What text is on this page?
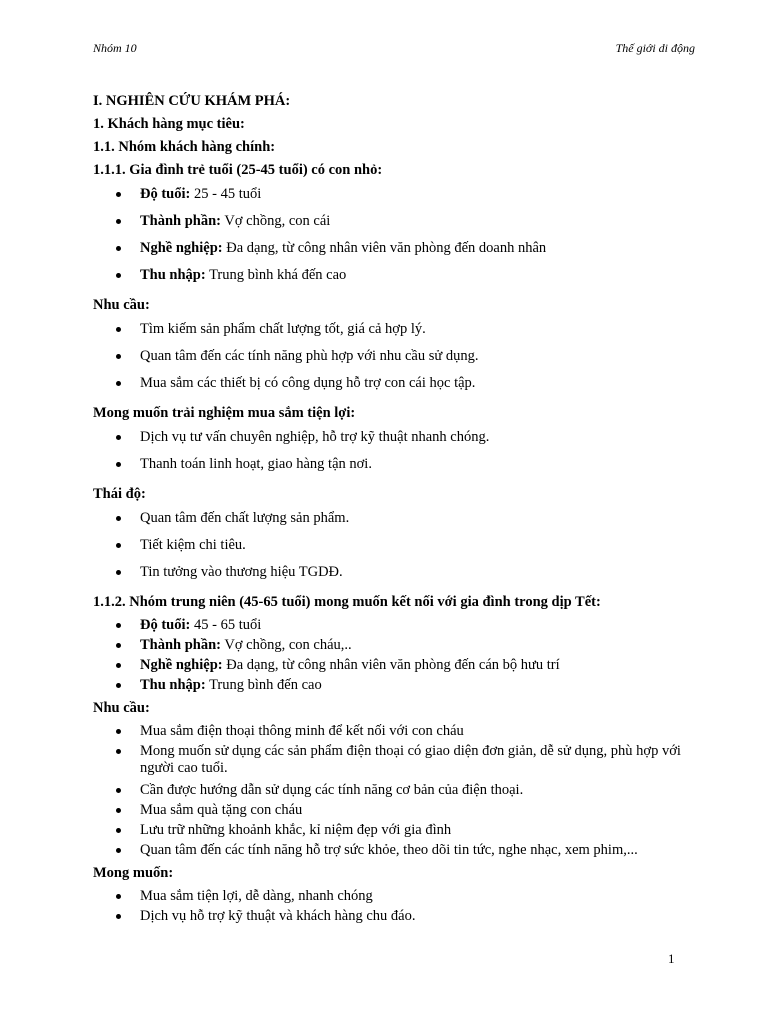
Nhóm 10	Thế giới di động

I. NGHIÊN CỨU KHÁM PHÁ:

1. Khách hàng mục tiêu:

1.1. Nhóm khách hàng chính:

1.1.1. Gia đình trẻ tuổi (25-45 tuổi) có con nhỏ:

Độ tuổi: 25 - 45 tuổi
Thành phần: Vợ chồng, con cái
Nghề nghiệp: Đa dạng, từ công nhân viên văn phòng đến doanh nhân
Thu nhập: Trung bình khá đến cao

Nhu cầu:

Tìm kiếm sản phẩm chất lượng tốt, giá cả hợp lý.
Quan tâm đến các tính năng phù hợp với nhu cầu sử dụng.
Mua sắm các thiết bị có công dụng hỗ trợ con cái học tập.

Mong muốn trải nghiệm mua sắm tiện lợi:

Dịch vụ tư vấn chuyên nghiệp, hỗ trợ kỹ thuật nhanh chóng.
Thanh toán linh hoạt, giao hàng tận nơi.

Thái độ:

Quan tâm đến chất lượng sản phẩm.
Tiết kiệm chi tiêu.
Tin tưởng vào thương hiệu TGDĐ.

1.1.2. Nhóm trung niên (45-65 tuổi) mong muốn kết nối với gia đình trong dịp Tết:

Độ tuổi: 45 - 65 tuổi
Thành phần: Vợ chồng, con cháu,..
Nghề nghiệp: Đa dạng, từ công nhân viên văn phòng đến cán bộ hưu trí
Thu nhập: Trung bình đến cao

Nhu cầu:

Mua sắm điện thoại thông minh để kết nối với con cháu
Mong muốn sử dụng các sản phẩm điện thoại có giao diện đơn giản, dễ sử dụng, phù hợp với người cao tuổi.
Cần được hướng dẫn sử dụng các tính năng cơ bản của điện thoại.
Mua sắm quà tặng con cháu
Lưu trữ những khoảnh khắc, kỉ niệm đẹp với gia đình
Quan tâm đến các tính năng hỗ trợ sức khỏe, theo dõi tin tức, nghe nhạc, xem phim,...

Mong muốn:

Mua sắm tiện lợi, dễ dàng, nhanh chóng
Dịch vụ hỗ trợ kỹ thuật và khách hàng chu đáo.
1
